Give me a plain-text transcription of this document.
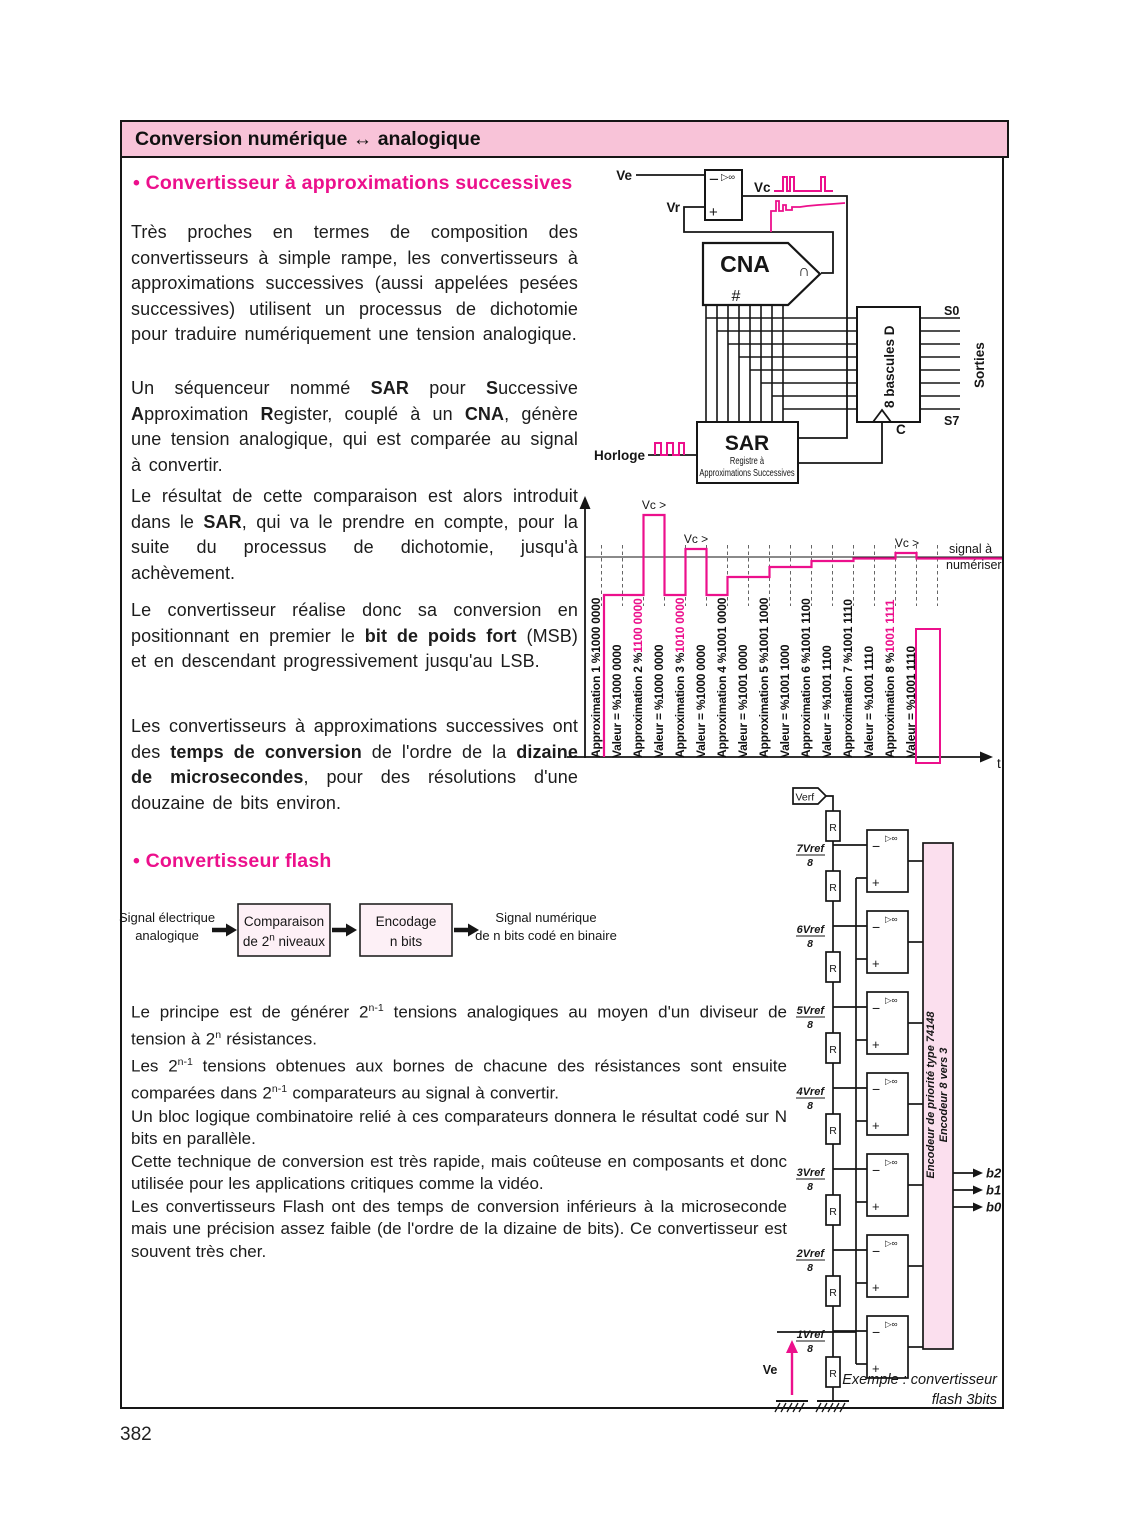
Conversion numérique ↔ analogique
• Convertisseur à approximations successives
Très proches en termes de composition des convertisseurs à simple rampe, les convertisseurs à approximations successives (aussi appelées pesées successives) utilisent un processus de dichotomie pour traduire numériquement une tension analogique.
Un séquenceur nommé SAR pour Successive Approximation Register, couplé à un CNA, génère une tension analogique, qui est comparée au signal à convertir.
Le résultat de cette comparaison est alors introduit dans le SAR, qui va le prendre en compte, pour la suite du processus de dichotomie, jusqu'à achèvement.
Le convertisseur réalise donc sa conversion en positionnant en premier le bit de poids fort (MSB) et en descendant progressivement jusqu'au LSB.
Les convertisseurs à approximations successives ont des temps de conversion de l'ordre de la dizaine de microsecondes, pour des résolutions d'une douzaine de bits environ.
• Convertisseur flash
Signal électrique
analogique
Comparaison
de 2$^n$ niveaux
Encodage
n bits
Signal numérique
de n bits codé en binaire

Le principe est de générer 2$^{n-1}$ tensions analogiques au moyen d'un diviseur de tension à 2$^n$ résistances.

Les 2$^{n-1}$ tensions obtenues aux bornes de chacune des résistances sont ensuite comparées dans 2$^{n-1}$ comparateurs au signal à convertir.

Un bloc logique combinatoire relié à ces comparateurs donnera le résultat codé sur N bits en parallèle.

Cette technique de conversion est très rapide, mais coûteuse en composants et donc utilisée pour les applications critiques comme la vidéo.

Les convertisseurs Flash ont des temps de conversion inférieurs à la microseconde mais une précision assez faible (de l'ordre de la dizaine de bits). Ce convertisseur est souvent très cher.

−
+
▷∞
Ve
Vr
Vc
CNA ∩
#
8 bascules D
S0
S7
Sorties
C
SAR
Registre à
Approximations Successives
Horloge
t
Vc >
Vc >	Vc > signal à
numériser
Approximation 1 %1000 0000 Valeur = %1000 0000 Approximation 2 %1100 0000
Valeur = %1000 0000 Approximation 3 %1010 0000
Valeur = %1000 0000 Approximation 4 %1001 0000 Valeur = %1001 0000 Approximation 5 %1001 1000 Valeur = %1001 1000 Approximation 6 %1001 1100 Valeur = %1001 1100 Approximation 7 %1001 1110 Valeur = %1001 1110 Approximation 8 %1001 1111
Valeur = %1001 1110
Verf
R
R
R
R
R
R
R
R
7Vref
8
−
+
▷∞
6Vref
8
−
+
▷∞
5Vref
8
−
+
▷∞
4Vref
8
−
+
▷∞
3Vref
8
−
+
▷∞
2Vref
8
−
+
▷∞
1Vref
8
−
+
▷∞
Encodeur de priorité type 74148 Encodeur 8 vers 3
b2
b1
b0
Ve
Exemple : convertisseur
flash 3bits
382
